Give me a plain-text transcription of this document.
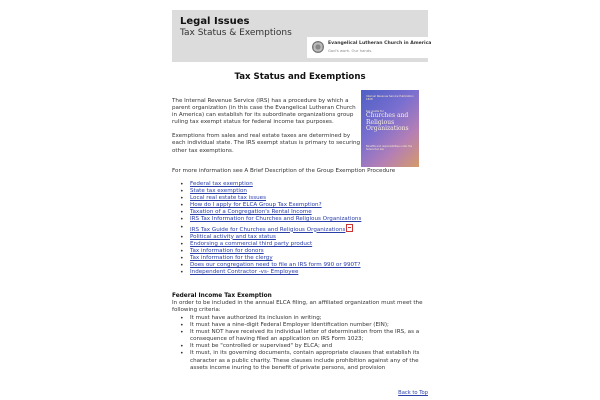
Legal Issues
Tax Status & Exemptions
Evangelical Lutheran Church in America
God's work. Our hands.
Tax Status and Exemptions

The Internal Revenue Service (IRS) has a procedure by which a parent organization (in this case the Evangelical Lutheran Church in America) can establish for its subordinate organizations group ruling tax exempt status for federal income tax purposes.

Exemptions from sales and real estate taxes are determined by each individual state. The IRS exempt status is primary to securing other tax exemptions.

Internal Revenue Service Publication 1828
tax guide for
Churches and Religious Organizations
Benefits and responsibilities under the federal tax law
For more information see A Brief Description of the Group Exemption Procedure
• Federal tax exemption
• State tax exemption
• Local real estate tax issues
• How do I apply for ELCA Group Tax Exemption?
• Taxation of a Congregation's Rental Income
• IRS Tax Information for Churches and Religious Organizations
• IRS Tax Guide for Churches and Religious Organizations
• Political activity and tax status
• Endorsing a commercial third party product
• Tax information for donors
• Tax information for the clergy
• Does our congregation need to file an IRS form 990 or 990T?
• Independent Contractor -vs- Employee
Federal Income Tax Exemption
In order to be included in the annual ELCA filing, an affiliated organization must meet the following criteria:
• It must have authorized its inclusion in writing;
• It must have a nine-digit Federal Employer Identification number (EIN);
• It must NOT have received its individual letter of determination from the IRS, as a consequence of having filed an application on IRS Form 1023;
• It must be "controlled or supervised" by ELCA; and
• It must, in its governing documents, contain appropriate clauses that establish its character as a public charity. These clauses include prohibition against any of the assets income inuring to the benefit of private persons, and provision
Back to Top
